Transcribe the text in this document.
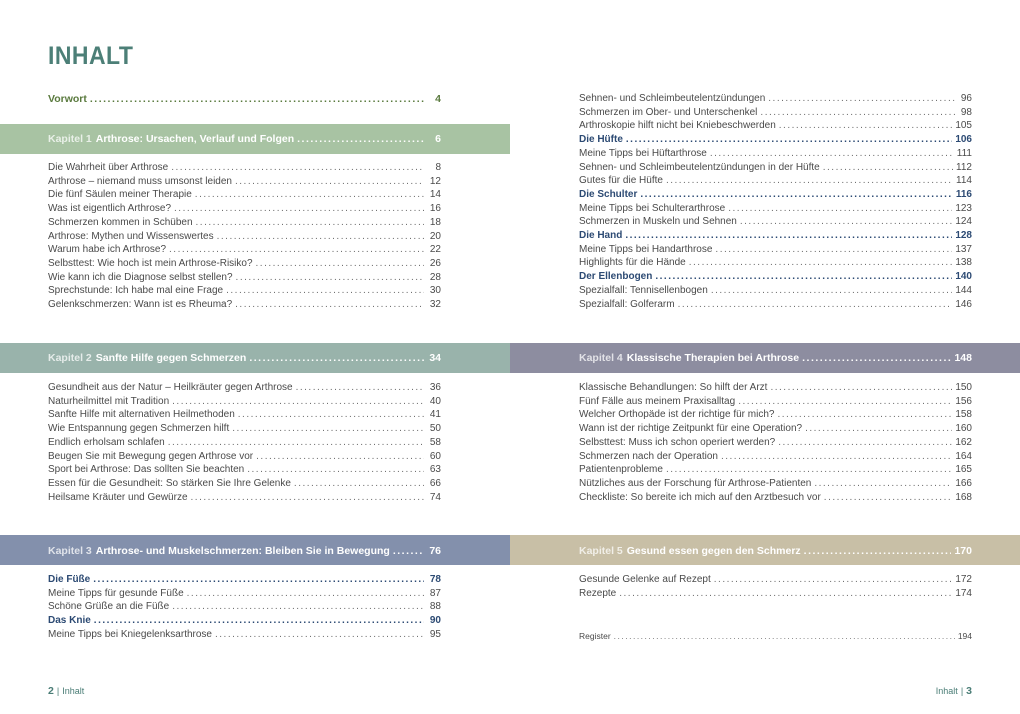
INHALT
Vorwort .....	4
Kapitel 1 Arthrose: Ursachen, Verlauf und Folgen .....	6
Kapitel 2 Sanfte Hilfe gegen Schmerzen .....	34
Kapitel 3 Arthrose- und Muskelschmerzen: Bleiben Sie in Bewegung .....	76
Kapitel 4 Klassische Therapien bei Arthrose .....	148
Kapitel 5 Gesund essen gegen den Schmerz .....	170
Register .....	194
2 | Inhalt	Inhalt | 3
Die Wahrheit über Arthrose .....	8
Arthrose – niemand muss umsonst leiden .....	12
Die fünf Säulen meiner Therapie .....	14
Was ist eigentlich Arthrose? .....	16
Schmerzen kommen in Schüben .....	18
Arthrose: Mythen und Wissenswertes .....	20
Warum habe ich Arthrose? .....	22
Selbsttest: Wie hoch ist mein Arthrose-Risiko? .....	26
Wie kann ich die Diagnose selbst stellen? .....	28
Sprechstunde: Ich habe mal eine Frage .....	30
Gelenkschmerzen: Wann ist es Rheuma? .....	32
Gesundheit aus der Natur – Heilkräuter gegen Arthrose .....	36
Naturheilmittel mit Tradition .....	40
Sanfte Hilfe mit alternativen Heilmethoden .....	41
Wie Entspannung gegen Schmerzen hilft .....	50
Endlich erholsam schlafen .....	58
Beugen Sie mit Bewegung gegen Arthrose vor .....	60
Sport bei Arthrose: Das sollten Sie beachten .....	63
Essen für die Gesundheit: So stärken Sie Ihre Gelenke .....	66
Heilsame Kräuter und Gewürze .....	74
Die Füße .....	78
Meine Tipps für gesunde Füße .....	87
Schöne Grüße an die Füße .....	88
Das Knie .....	90
Meine Tipps bei Kniegelenksarthrose .....	95
Sehnen- und Schleimbeutelentzündungen .....	96
Schmerzen im Ober- und Unterschenkel .....	98
Arthroskopie hilft nicht bei Kniebeschwerden .....	105
Die Hüfte .....	106
Meine Tipps bei Hüftarthrose .....	111
Sehnen- und Schleimbeutelentzündungen in der Hüfte .....	112
Gutes für die Hüfte .....	114
Die Schulter .....	116
Meine Tipps bei Schulterarthrose .....	123
Schmerzen in Muskeln und Sehnen .....	124
Die Hand .....	128
Meine Tipps bei Handarthrose .....	137
Highlights für die Hände .....	138
Der Ellenbogen .....	140
Spezialfall: Tennisellenbogen .....	144
Spezialfall: Golferarm .....	146
Klassische Behandlungen: So hilft der Arzt .....	150
Fünf Fälle aus meinem Praxisalltag .....	156
Welcher Orthopäde ist der richtige für mich? .....	158
Wann ist der richtige Zeitpunkt für eine Operation? .....	160
Selbsttest: Muss ich schon operiert werden? .....	162
Schmerzen nach der Operation .....	164
Patientenprobleme .....	165
Nützliches aus der Forschung für Arthrose-Patienten .....	166
Checkliste: So bereite ich mich auf den Arztbesuch vor .....	168
Gesunde Gelenke auf Rezept .....	172
Rezepte .....	174
